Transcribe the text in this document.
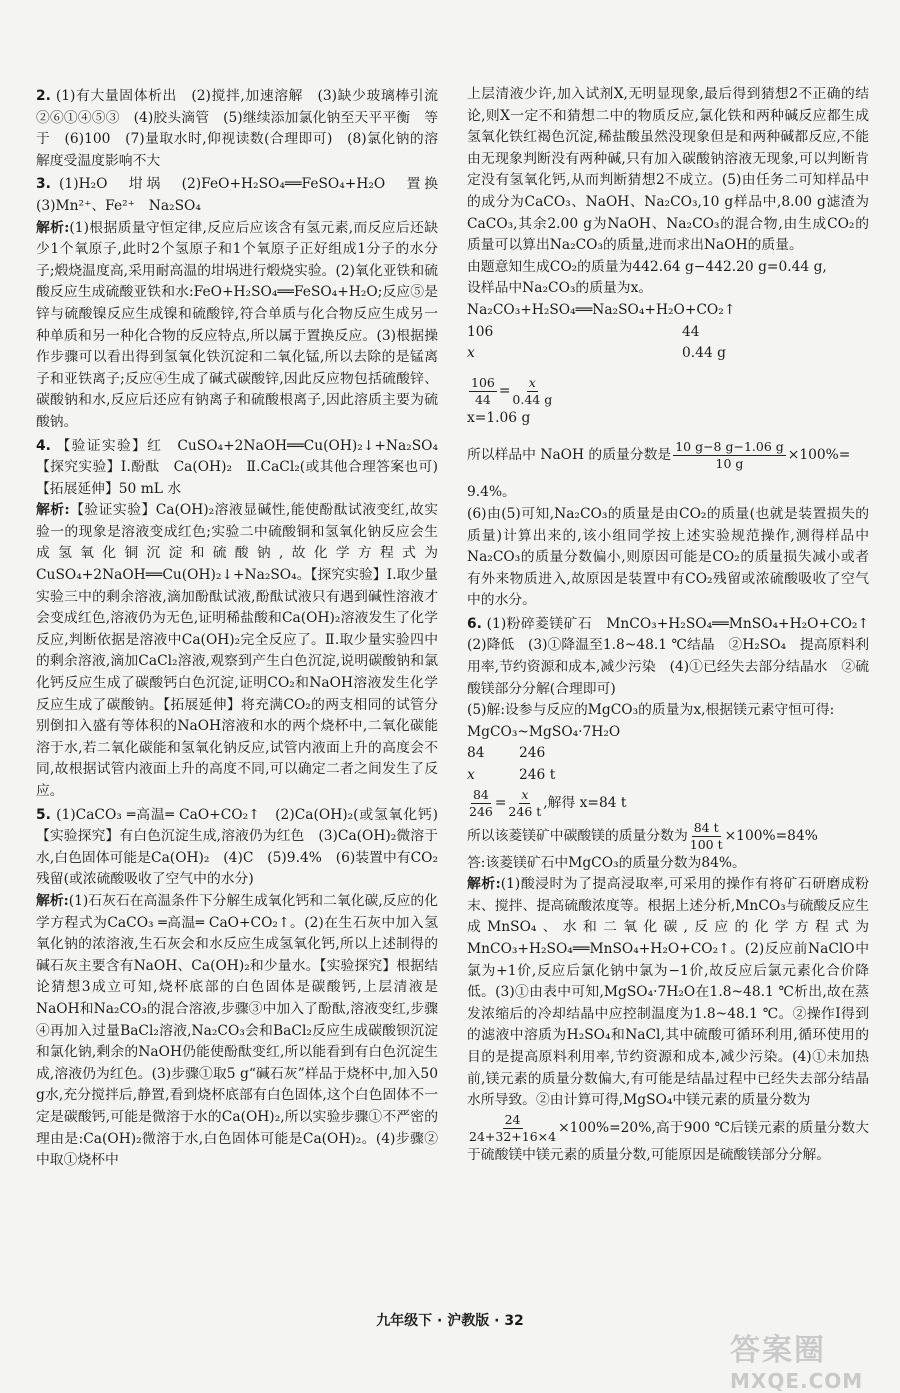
2. (1)有大量固体析出　(2)搅拌,加速溶解　(3)缺少玻璃棒引流　②⑥①④⑤③　(4)胶头滴管　(5)继续添加氯化钠至天平平衡　等于　(6)100　(7)量取水时,仰视读数(合理即可)　(8)氯化钠的溶解度受温度影响不大

3. (1)H₂O　坩埚　(2)FeO+H₂SO₄══FeSO₄+H₂O　置换　(3)Mn²⁺、Fe²⁺　Na₂SO₄

解析:(1)根据质量守恒定律,反应后应该含有氢元素,而反应后还缺少1个氧原子,此时2个氢原子和1个氧原子正好组成1分子的水分子;煅烧温度高,采用耐高温的坩埚进行煅烧实验。(2)氧化亚铁和硫酸反应生成硫酸亚铁和水:FeO+H₂SO₄══FeSO₄+H₂O;反应⑤是锌与硫酸镍反应生成镍和硫酸锌,符合单质与化合物反应生成另一种单质和另一种化合物的反应特点,所以属于置换反应。(3)根据操作步骤可以看出得到氢氧化铁沉淀和二氧化锰,所以去除的是锰离子和亚铁离子;反应④生成了碱式碳酸锌,因此反应物包括硫酸锌、碳酸钠和水,反应后还应有钠离子和硫酸根离子,因此溶质主要为硫酸钠。

4. 【验证实验】红　CuSO₄+2NaOH══Cu(OH)₂↓+Na₂SO₄　【探究实验】Ⅰ.酚酞　Ca(OH)₂　Ⅱ.CaCl₂(或其他合理答案也可)　【拓展延伸】50 mL 水

解析:【验证实验】Ca(OH)₂溶液显碱性,能使酚酞试液变红,故实验一的现象是溶液变成红色;实验二中硫酸铜和氢氧化钠反应会生成氢氧化铜沉淀和硫酸钠,故化学方程式为CuSO₄+2NaOH══Cu(OH)₂↓+Na₂SO₄。【探究实验】Ⅰ.取少量实验三中的剩余溶液,滴加酚酞试液,酚酞试液只有遇到碱性溶液才会变成红色,溶液仍为无色,证明稀盐酸和Ca(OH)₂溶液发生了化学反应,判断依据是溶液中Ca(OH)₂完全反应了。Ⅱ.取少量实验四中的剩余溶液,滴加CaCl₂溶液,观察到产生白色沉淀,说明碳酸钠和氯化钙反应生成了碳酸钙白色沉淀,证明CO₂和NaOH溶液发生化学反应生成了碳酸钠。【拓展延伸】将充满CO₂的两支相同的试管分别倒扣入盛有等体积的NaOH溶液和水的两个烧杯中,二氧化碳能溶于水,若二氧化碳能和氢氧化钠反应,试管内液面上升的高度会不同,故根据试管内液面上升的高度不同,可以确定二者之间发生了反应。

5. (1)CaCO₃ ═高温═ CaO+CO₂↑　(2)Ca(OH)₂(或氢氧化钙)　【实验探究】有白色沉淀生成,溶液仍为红色　(3)Ca(OH)₂微溶于水,白色固体可能是Ca(OH)₂　(4)C　(5)9.4%　(6)装置中有CO₂残留(或浓硫酸吸收了空气中的水分)

解析:(1)石灰石在高温条件下分解生成氧化钙和二氧化碳,反应的化学方程式为CaCO₃ ═高温═ CaO+CO₂↑。(2)在生石灰中加入氢氧化钠的浓溶液,生石灰会和水反应生成氢氧化钙,所以上述制得的碱石灰主要含有NaOH、Ca(OH)₂和少量水。【实验探究】根据结论猜想3成立可知,烧杯底部的白色固体是碳酸钙,上层清液是NaOH和Na₂CO₃的混合溶液,步骤③中加入了酚酞,溶液变红,步骤④再加入过量BaCl₂溶液,Na₂CO₃会和BaCl₂反应生成碳酸钡沉淀和氯化钠,剩余的NaOH仍能使酚酞变红,所以能看到有白色沉淀生成,溶液仍为红色。(3)步骤①取5 g“碱石灰”样品于烧杯中,加入50 g水,充分搅拌后,静置,看到烧杯底部有白色固体,这个白色固体不一定是碳酸钙,可能是微溶于水的Ca(OH)₂,所以实验步骤①不严密的理由是:Ca(OH)₂微溶于水,白色固体可能是Ca(OH)₂。(4)步骤②中取①烧杯中

上层清液少许,加入试剂X,无明显现象,最后得到猜想2不正确的结论,则X一定不和猜想二中的物质反应,氯化铁和两种碱反应都生成氢氧化铁红褐色沉淀,稀盐酸虽然没现象但是和两种碱都反应,不能由无现象判断没有两种碱,只有加入碳酸钠溶液无现象,可以判断肯定没有氢氧化钙,从而判断猜想2不成立。(5)由任务二可知样品中的成分为CaCO₃、NaOH、Na₂CO₃,10 g样品中,8.00 g滤渣为CaCO₃,其余2.00 g为NaOH、Na₂CO₃的混合物,由生成CO₂的质量可以算出Na₂CO₃的质量,进而求出NaOH的质量。

由题意知生成CO₂的质量为442.64 g−442.20 g=0.44 g,

设样品中Na₂CO₃的质量为x。

Na₂CO₃+H₂SO₄══Na₂SO₄+H₂O+CO₂↑

106	44
x	0.44 g

$\frac{106}{44} = \frac{x}{0.44 g}$

x=1.06 g

所以样品中 NaOH 的质量分数是 $\frac{10 g-8 g-1.06 g}{10 g} \times 100\%=$

9.4%。

(6)由(5)可知,Na₂CO₃的质量是由CO₂的质量(也就是装置损失的质量)计算出来的,该小组同学按上述实验规范操作,测得样品中Na₂CO₃的质量分数偏小,则原因可能是CO₂的质量损失减小或者有外来物质进入,故原因是装置中有CO₂残留或浓硫酸吸收了空气中的水分。

6. (1)粉碎菱镁矿石　MnCO₃+H₂SO₄══MnSO₄+H₂O+CO₂↑　(2)降低　(3)①降温至1.8~48.1 ℃结晶　②H₂SO₄　提高原料利用率,节约资源和成本,减少污染　(4)①已经失去部分结晶水　②硫酸镁部分分解(合理即可)

(5)解:设参与反应的MgCO₃的质量为x,根据镁元素守恒可得:

MgCO₃~MgSO₄·7H₂O

84	246
x	246 t

$\frac{84}{246} = \frac{x}{246 t}$ ,解得 x=84 t

所以该菱镁矿中碳酸镁的质量分数为 $\frac{84 t}{100 t} \times 100\%=84\%$

答:该菱镁矿石中MgCO₃的质量分数为84%。

解析:(1)酸浸时为了提高浸取率,可采用的操作有将矿石研磨成粉末、搅拌、提高硫酸浓度等。根据上述分析,MnCO₃与硫酸反应生成MnSO₄、水和二氧化碳,反应的化学方程式为MnCO₃+H₂SO₄══MnSO₄+H₂O+CO₂↑。(2)反应前NaClO中氯为+1价,反应后氯化钠中氯为−1价,故反应后氯元素化合价降低。(3)①由表中可知,MgSO₄·7H₂O在1.8~48.1 ℃析出,故在蒸发浓缩后的冷却结晶中应控制温度为1.8~48.1 ℃。②操作Ⅰ得到的滤液中溶质为H₂SO₄和NaCl,其中硫酸可循环利用,循环使用的目的是提高原料利用率,节约资源和成本,减少污染。(4)①未加热前,镁元素的质量分数偏大,有可能是结晶过程中已经失去部分结晶水所导致。②由计算可得,MgSO₄中镁元素的质量分数为

$\frac{24}{24+32+16\times 4} \times 100\%=20\%$,高于900 ℃后镁元素的质量分数大于硫酸镁中镁元素的质量分数,可能原因是硫酸镁部分分解。

九年级下 · 沪教版 · 32
答案圈
MXQE.COM
